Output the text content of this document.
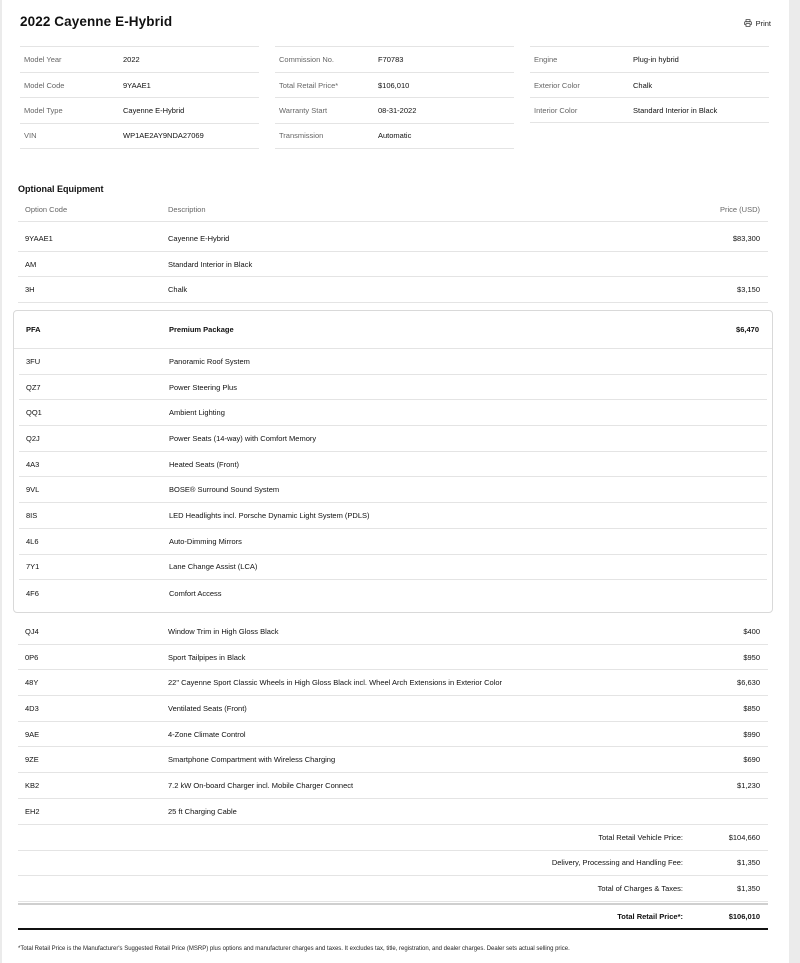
2022 Cayenne E-Hybrid	Print
Model Year	2022
Model Code	9YAAE1
Model Type	Cayenne E-Hybrid
VIN	WP1AE2AY9NDA27069
Commission No.	F70783
Total Retail Price*	$106,010
Warranty Start	08-31-2022
Transmission	Automatic
Engine	Plug-in hybrid
Exterior Color	Chalk
Interior Color	Standard Interior in Black
Optional Equipment
Option Code	Description	Price (USD)
9YAAE1	Cayenne E-Hybrid	$83,300
AM	Standard Interior in Black
3H	Chalk	$3,150
PFA	Premium Package	$6,470
3FU	Panoramic Roof System
QZ7	Power Steering Plus
QQ1	Ambient Lighting
Q2J	Power Seats (14-way) with Comfort Memory
4A3	Heated Seats (Front)
9VL	BOSE® Surround Sound System
8IS	LED Headlights incl. Porsche Dynamic Light System (PDLS)
4L6	Auto-Dimming Mirrors
7Y1	Lane Change Assist (LCA)
4F6	Comfort Access
QJ4	Window Trim in High Gloss Black	$400
0P6	Sport Tailpipes in Black	$950
48Y	22" Cayenne Sport Classic Wheels in High Gloss Black incl. Wheel Arch Extensions in Exterior Color	$6,630
4D3	Ventilated Seats (Front)	$850
9AE	4-Zone Climate Control	$990
9ZE	Smartphone Compartment with Wireless Charging	$690
KB2	7.2 kW On-board Charger incl. Mobile Charger Connect	$1,230
EH2	25 ft Charging Cable
Total Retail Vehicle Price:	$104,660
Delivery, Processing and Handling Fee:	$1,350
Total of Charges & Taxes:	$1,350
Total Retail Price*:	$106,010
*Total Retail Price is the Manufacturer's Suggested Retail Price (MSRP) plus options and manufacturer charges and taxes. It excludes tax, title, registration, and dealer charges. Dealer sets actual selling price.
